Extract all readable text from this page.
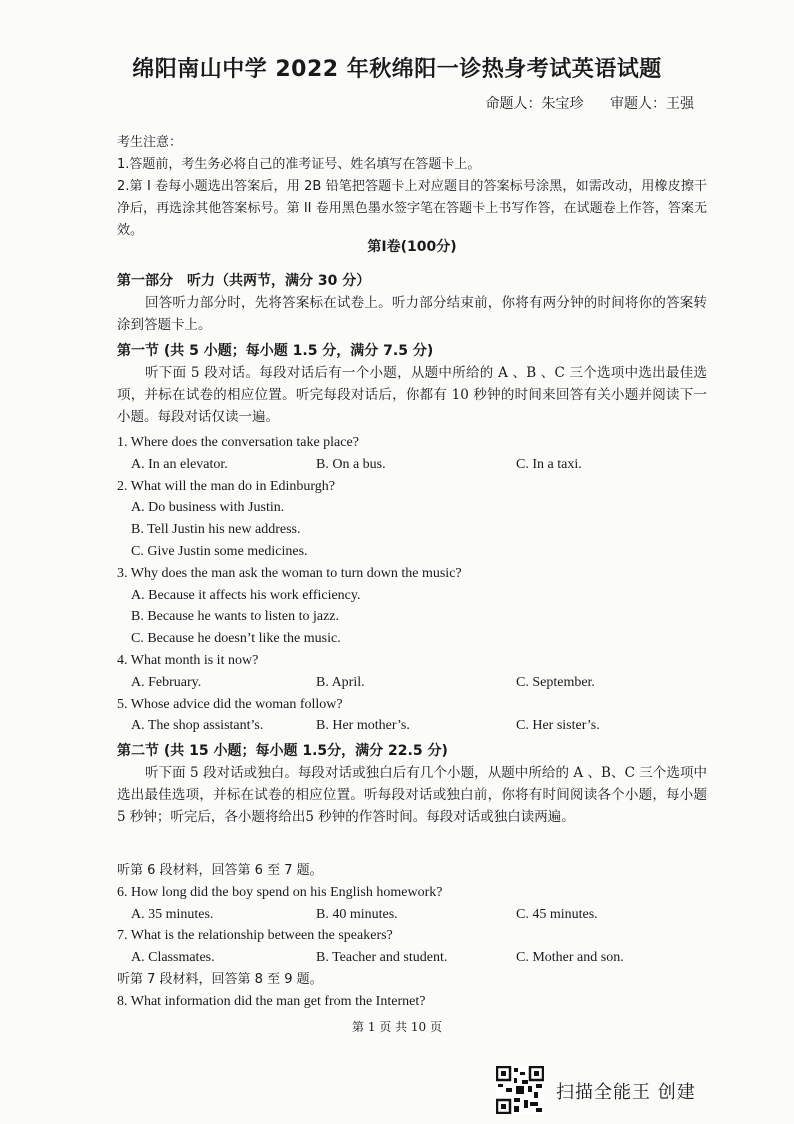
绵阳南山中学 2022 年秋绵阳一诊热身考试英语试题
命题人：朱宝珍 审题人：王强
考生注意：
1.答题前，考生务必将自己的准考证号、姓名填写在答题卡上。
2.第 I 卷每小题选出答案后，用 2B 铅笔把答题卡上对应题目的答案标号涂黑，如需改动，用橡皮擦干净后，再选涂其他答案标号。第 II 卷用黑色墨水签字笔在答题卡上书写作答，在试题卷上作答，答案无效。
第I卷(100分)
第一部分　听力（共两节，满分 30 分）
回答听力部分时，先将答案标在试卷上。听力部分结束前，你将有两分钟的时间将你的答案转涂到答题卡上。
第一节 (共 5 小题；每小题 1.5 分，满分 7.5 分)
听下面 5 段对话。每段对话后有一个小题，从题中所给的 A 、B 、C 三个选项中选出最佳选项，并标在试卷的相应位置。听完每段对话后，你都有 10 秒钟的时间来回答有关小题并阅读下一小题。每段对话仅读一遍。
1. Where does the conversation take place?
A. In an elevator.	B. On a bus.	C. In a taxi.
2. What will the man do in Edinburgh?
A. Do business with Justin.
B. Tell Justin his new address.
C. Give Justin some medicines.
3. Why does the man ask the woman to turn down the music?
A. Because it affects his work efficiency.
B. Because he wants to listen to jazz.
C. Because he doesn’t like the music.
4. What month is it now?
A. February.	B. April.	C. September.
5. Whose advice did the woman follow?
A. The shop assistant’s.	B. Her mother’s.	C. Her sister’s.
第二节 (共 15 小题；每小题 1.5分，满分 22.5 分)
听下面 5 段对话或独白。每段对话或独白后有几个小题，从题中所给的 A 、B、C 三个选项中选出最佳选项，并标在试卷的相应位置。听每段对话或独白前，你将有时间阅读各个小题，每小题 5 秒钟；听完后，各小题将给出5 秒钟的作答时间。每段对话或独白读两遍。
听第 6 段材料，回答第 6 至 7 题。
6. How long did the boy spend on his English homework?
A. 35 minutes.	B. 40 minutes.	C. 45 minutes.
7. What is the relationship between the speakers?
A. Classmates.	B. Teacher and student.	C. Mother and son.
听第 7 段材料，回答第 8 至 9 题。
8. What information did the man get from the Internet?
第 1 页 共 10 页
扫描全能王 创建
